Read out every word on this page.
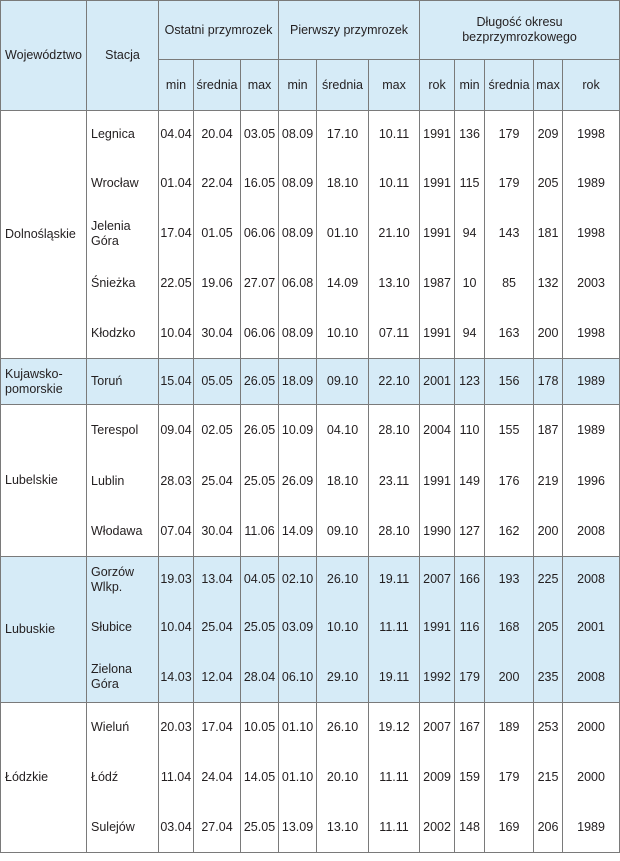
Województwo	Stacja	Ostatni przymrozek			Pierwszy przymrozek			Długość okresu bezprzymrozkowego				
		min	średnia	max	min	średnia	max	rok	min	średnia	max	rok
Dolnośląskie	Legnica	04.04	20.04	03.05	08.09	17.10	10.11	1991	136	179	209	1998
	Wrocław	01.04	22.04	16.05	08.09	18.10	10.11	1991	115	179	205	1989
	Jelenia Góra	17.04	01.05	06.06	08.09	01.10	21.10	1991	94	143	181	1998
	Śnieżka	22.05	19.06	27.07	06.08	14.09	13.10	1987	10	85	132	2003
	Kłodzko	10.04	30.04	06.06	08.09	10.10	07.11	1991	94	163	200	1998
Kujawsko-pomorskie	Toruń	15.04	05.05	26.05	18.09	09.10	22.10	2001	123	156	178	1989
Lubelskie	Terespol	09.04	02.05	26.05	10.09	04.10	28.10	2004	110	155	187	1989
	Lublin	28.03	25.04	25.05	26.09	18.10	23.11	1991	149	176	219	1996
	Włodawa	07.04	30.04	11.06	14.09	09.10	28.10	1990	127	162	200	2008
Lubuskie	Gorzów Wlkp.	19.03	13.04	04.05	02.10	26.10	19.11	2007	166	193	225	2008
	Słubice	10.04	25.04	25.05	03.09	10.10	11.11	1991	116	168	205	2001
	Zielona Góra	14.03	12.04	28.04	06.10	29.10	19.11	1992	179	200	235	2008
Łódzkie	Wieluń	20.03	17.04	10.05	01.10	26.10	19.12	2007	167	189	253	2000
	Łódź	11.04	24.04	14.05	01.10	20.10	11.11	2009	159	179	215	2000
	Sulejów	03.04	27.04	25.05	13.09	13.10	11.11	2002	148	169	206	1989
